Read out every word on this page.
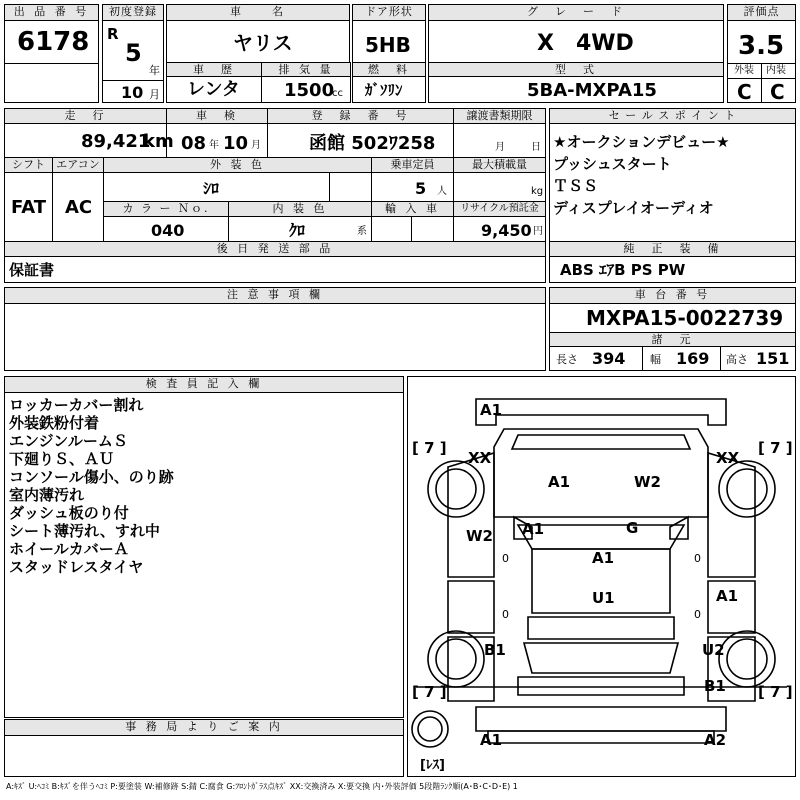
出 品 番 号
6178
初度登録
R
5
年
10 月
車　　名
ヤリス
ドア形状
5HB
グ　レ　ー　ド
X　4WD
評価点
3.5
外装 内装
C C
車　歴
レンタ
排 気 量
1500
cc
燃　料
ｶﾞｿﾘﾝ
型　式
5BA-MXPA15
走　行	車　検	登　録　番　号	譲渡書類期限
89,421
km 08 年 10 月	函館 502ﾜ258	月	日
シフト	エアコン	外 装 色	乗車定員	最大積載量
FAT AC
ｼﾛ	5 人	kg
カ ラ ー Ｎｏ.	内 装 色	輸 入 車	リサイクル預託金
040	ｸﾛ	系	9,450 円
セ ー ル ス ポ イ ン ト
★オークションデビュー★
プッシュスタート
ＴＳＳ
ディスプレイオーディオ
後 日 発 送 部 品
保証書
純　正　装　備
ABS ｴｱB PS PW
注 意 事 項 欄	車 台 番 号
MXPA15-0022739
諸　元
長さ 394 幅 169 高さ 151
検 査 員 記 入 欄
ロッカーカバー割れ
外装鉄粉付着
エンジンルームＳ
下廻りＳ、ＡＵ
コンソール傷小、のり跡
室内薄汚れ
ダッシュ板のり付
シート薄汚れ、すれ中
ホイールカバーＡ
スタッドレスタイヤ
事 務 局 よ り ご 案 内
[ 7 ]	[ 7 ]
[ 7 ]	[ 7 ]
[ﾚｽ]
A1
XX	XX
A1	W2
A1
W2	G
A1
U1	A1
B1	U2
B1
A1	A2
0	0
0	0
A:ｷｽﾞ U:ﾍｺﾐ B:ｷｽﾞを伴うﾍｺﾐ P:要塗装 W:補修跡 S:錆 C:腐食 G:ﾌﾛﾝﾄｶﾞﾗｽ点ｷｽﾞ XX:交換済み X:要交換 内･外装評価 5段階ﾗﾝｸ順(A･B･C･D･E) 1
